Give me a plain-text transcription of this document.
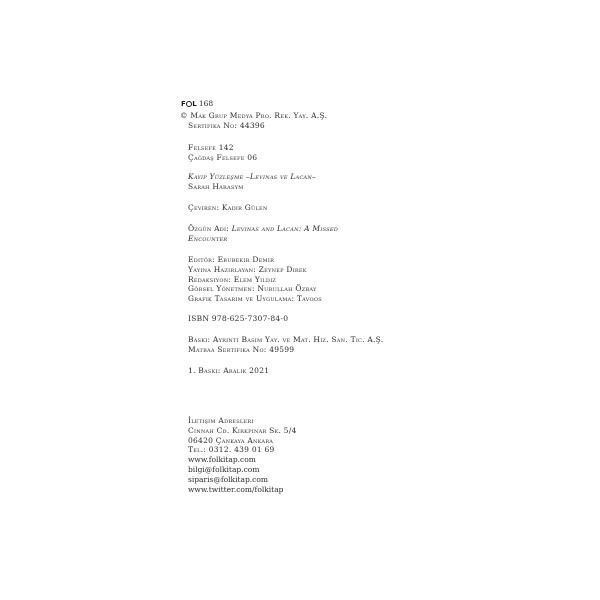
F L 168
© Mak Grup Medya Pro. Rek. Yay. A.Ş.
Sertifika No: 44396
Felsefe 142
Çağdaş Felsefe 06
Kayıp Yüzleşme –Levinas ve Lacan–
Sarah Harasym
Çeviren: Kadir Gülen
Özgün Adı: Levinas and Lacan: A Missed
Encounter
Editör: Ebubekir Demir
Yayına Hazırlayan: Zeynep Direk
Redaksiyon: Elem Yıldız
Görsel Yönetmen: Nurullah Özbay
Grafik Tasarım ve Uygulama: Tavoos
ISBN 978-625-7307-84-0
Baskı: Ayrıntı Basım Yay. ve Mat. Hiz. San. Tic. A.Ş.
Matbaa Sertifika No: 49599
1. Baskı: Aralık 2021
İletişim Adresleri
Cinnah Cd. Kırkpınar Sk. 5/4
06420 Çankaya Ankara
Tel.: 0312. 439 01 69
www.folkitap.com
bilgi@folkitap.com
siparis@folkitap.com
www.twitter.com/folkitap
